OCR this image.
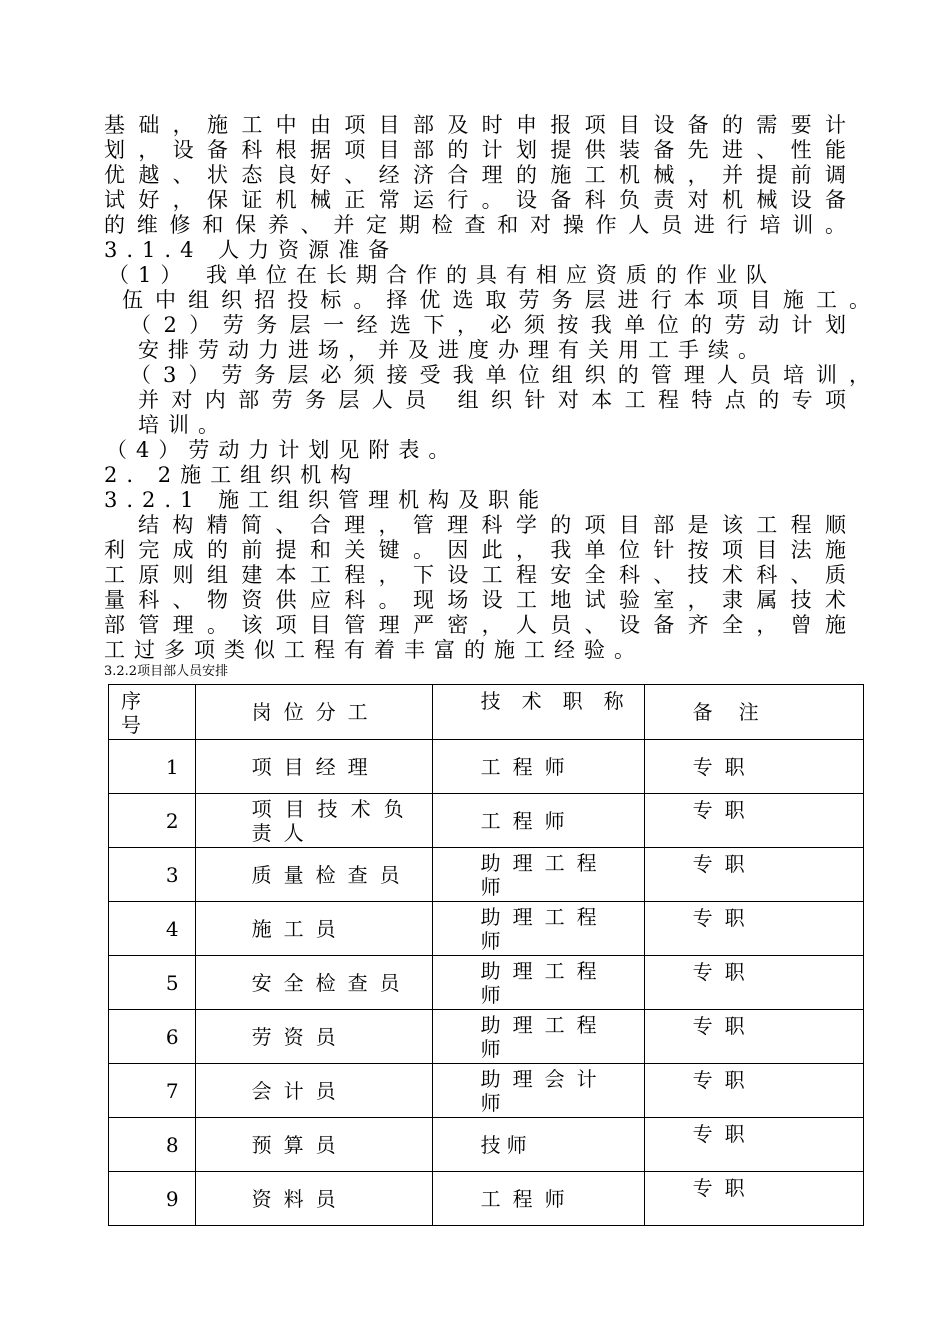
基础，施工中由项目部及时申报项目设备的需要计
划，设备科根据项目部的计划提供装备先进、性能
优越、状态良好、经济合理的施工机械，并提前调
试好，保证机械正常运行。设备科负责对机械设备
的维修和保养、并定期检查和对操作人员进行培训。
3.1.4 人力资源准备
（1） 我单位在长期合作的具有相应资质的作业队
伍中组织招投标。择优选取劳务层进行本项目施工。
（2）劳务层一经选下，必须按我单位的劳动计划
安排劳动力进场，并及进度办理有关用工手续。
（3）劳务层必须接受我单位组织的管理人员培训，
并对内部劳务层人员 组织针对本工程特点的专项
培训。
（4）劳动力计划见附表。
2. 2施工组织机构
3.2.1 施工组织管理机构及职能
结构精简、合理，管理科学的项目部是该工程顺
利完成的前提和关键。因此，我单位针按项目法施
工原则组建本工程，下设工程安全科、技术科、质
量科、物资供应科。现场设工地试验室，隶属技术
部管理。该项目管理严密，人员、设备齐全，曾施
工过多项类似工程有着丰富的施工经验。
3.2.2项目部人员安排
序号	岗位分工	技术职称	备注

1	项目经理	工程师	专职

2	项目技术负责人	工程师	专职

3	质量检查员	助理工程师	专职

4	施工员	助理工程师	专职

5	安全检查员	助理工程师	专职

6	劳资员	助理工程师	专职

7	会计员	助理会计师	专职

8	预算员	技师	专职

9	资料员	工程师	专职
